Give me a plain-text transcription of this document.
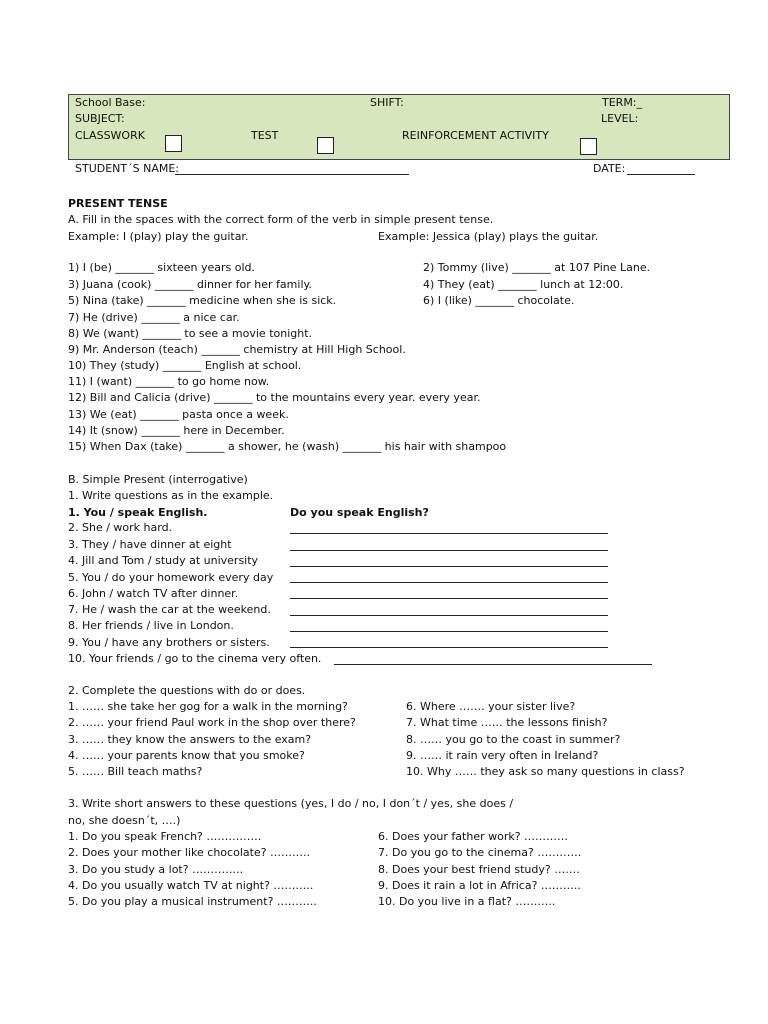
School Base:	SHIFT:	TERM:_
SUBJECT:	LEVEL:
CLASSWORK	TEST	REINFORCEMENT ACTIVITY
STUDENT´S NAME:	DATE:
PRESENT TENSE
A. Fill in the spaces with the correct form of the verb in simple present tense.
Example: I (play) play the guitar.	Example: Jessica (play) plays the guitar.
1) I (be) _______ sixteen years old.
3) Juana (cook) _______ dinner for her family.
5) Nina (take) _______ medicine when she is sick.
7) He (drive) _______ a nice car.
8) We (want) _______ to see a movie tonight.
9) Mr. Anderson (teach) _______ chemistry at Hill High School.
10) They (study) _______ English at school.
11) I (want) _______ to go home now.
12) Bill and Calicia (drive) _______ to the mountains every year. every year.
13) We (eat) _______ pasta once a week.
14) It (snow) _______ here in December.
15) When Dax (take) _______ a shower, he (wash) _______ his hair with shampoo
2) Tommy (live) _______ at 107 Pine Lane.
4) They (eat) _______ lunch at 12:00.
6) I (like) _______ chocolate.
B. Simple Present (interrogative)
1. Write questions as in the example.
1. You / speak English.	Do you speak English?
2. She / work hard.
3. They / have dinner at eight
4. Jill and Tom / study at university
5. You / do your homework every day
6. John / watch TV after dinner.
7. He / wash the car at the weekend.
8. Her friends / live in London.
9. You / have any brothers or sisters.
10. Your friends / go to the cinema very often.
2. Complete the questions with do or does.
1. …… she take her gog for a walk in the morning?
2. …… your friend Paul work in the shop over there?
3. …… they know the answers to the exam?
4. …… your parents know that you smoke?
5. …… Bill teach maths?
6. Where ……. your sister live?
7. What time …… the lessons finish?
8. …… you go to the coast in summer?
9. …… it rain very often in Ireland?
10. Why …… they ask so many questions in class?
3. Write short answers to these questions (yes, I do / no, I don´t / yes, she does /
no, she doesn´t, ….)
1. Do you speak French? ……………
2. Does your mother like chocolate? ………..
3. Do you study a lot? …………..
4. Do you usually watch TV at night? ………..
5. Do you play a musical instrument? ………..
6. Does your father work? …………
7. Do you go to the cinema? …………
8. Does your best friend study? …….
9. Does it rain a lot in Africa? ………..
10. Do you live in a flat? ………..
